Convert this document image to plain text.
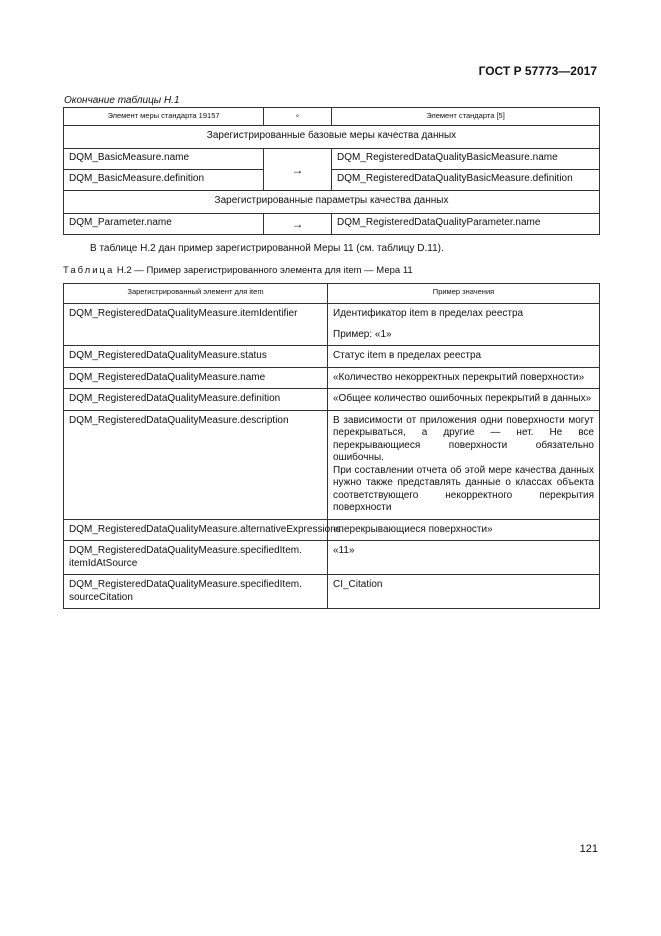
ГОСТ Р 57773—2017
Окончание таблицы Н.1
Элемент меры стандарта 19157	∘	Элемент стандарта [5]
Зарегистрированные базовые меры качества данных		
DQM_BasicMeasure.name	→	DQM_RegisteredDataQualityBasicMeasure.name
DQM_BasicMeasure.definition		DQM_RegisteredDataQualityBasicMeasure.definition
Зарегистрированные параметры качества данных		
DQM_Parameter.name	→	DQM_RegisteredDataQualityParameter.name
В таблице Н.2 дан пример зарегистрированной Меры 11 (см. таблицу D.11).
Таблица Н.2 — Пример зарегистрированного элемента для item — Мера 11
Зарегистрированный элемент для item	Пример значения
DQM_RegisteredDataQualityMeasure.itemIdentifier	Идентификатор item в пределах реестра

Пример: «1»

DQM_RegisteredDataQualityMeasure.status	Статус item в пределах реестра
DQM_RegisteredDataQualityMeasure.name	«Количество некорректных перекрытий поверхности»
DQM_RegisteredDataQualityMeasure.definition	«Общее количество ошибочных перекрытий в данных»
DQM_RegisteredDataQualityMeasure.description	В зависимости от приложения одни поверхности могут перекрываться, а другие — нет. Не все перекрывающиеся поверхности обязательно ошибочны.
При составлении отчета об этой мере качества данных нужно также представлять данные о классах объекта соответствующего некорректного перекрытия поверхности

DQM_RegisteredDataQualityMeasure.alternativeExpressions	«перекрывающиеся поверхности»
DQM_RegisteredDataQualityMeasure.specifiedItem. itemIdAtSource	«11»
DQM_RegisteredDataQualityMeasure.specifiedItem. sourceCitation	CI_Citation
121
